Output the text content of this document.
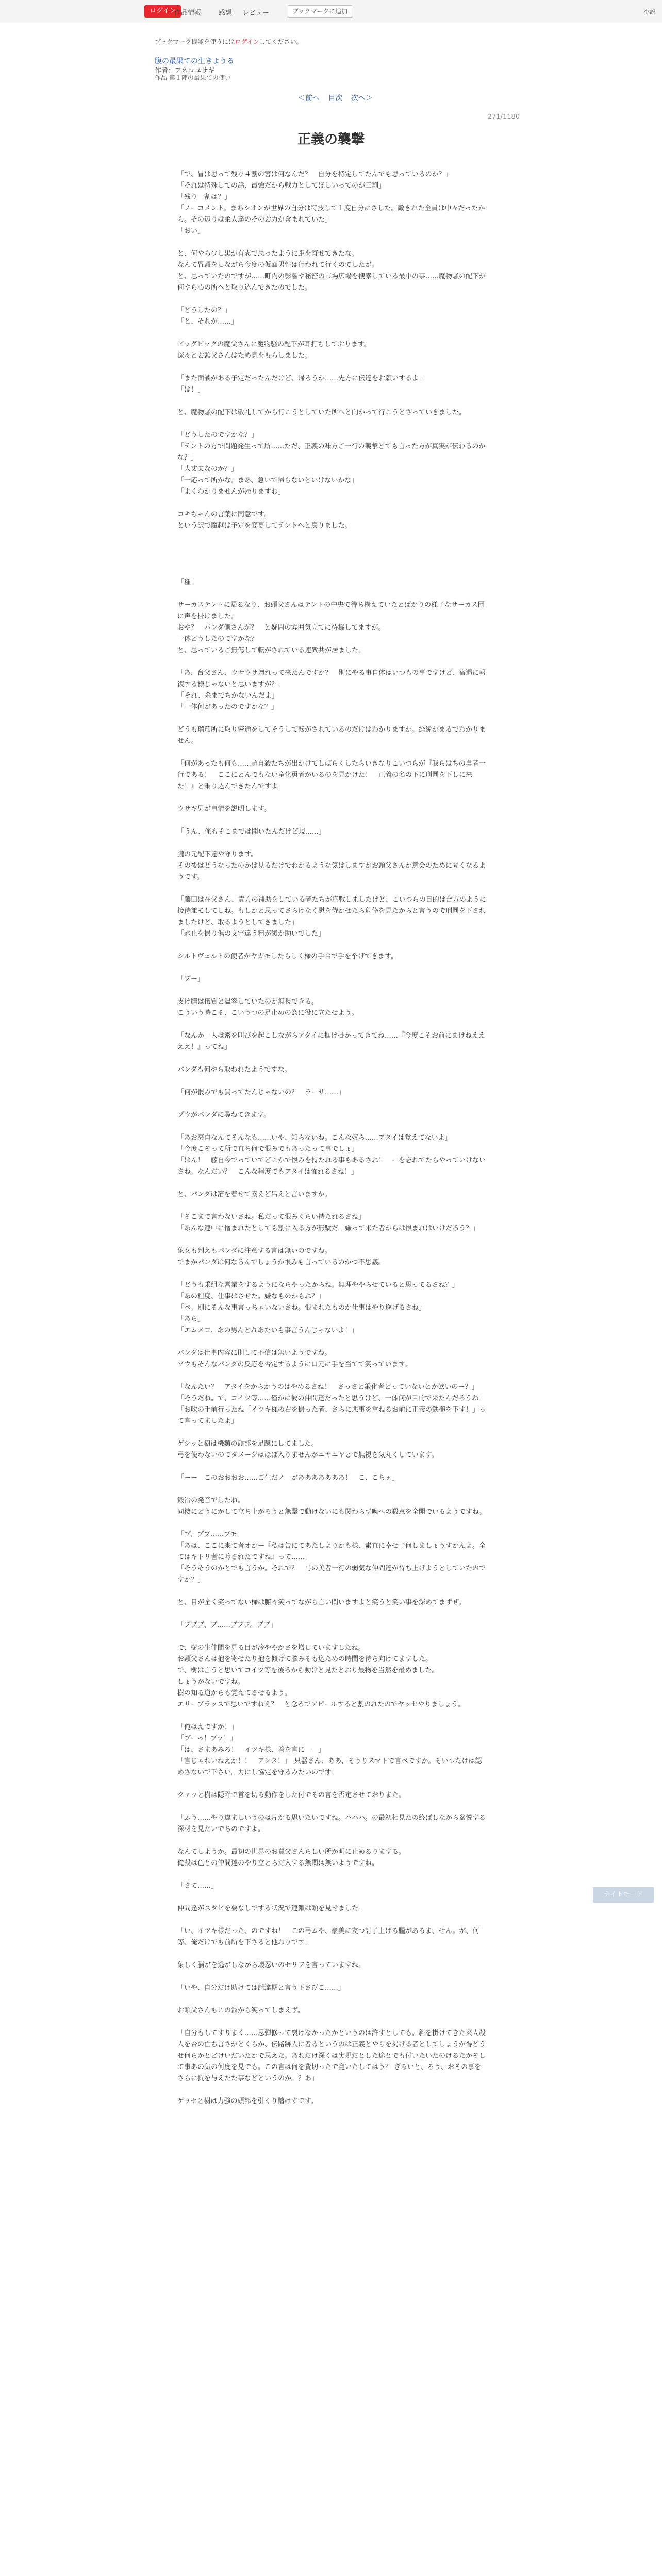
ログイン
作品情報	感想 レビュー	ブックマークに追加	小説
ブックマーク機能を使うにはログインしてください。
腹の最果ての生きようる
作者：アネコユサギ
作品 第１陣の最果ての使い
＜前へ 目次 次へ＞
271/1180
正義の襲撃

「で、冒は思って残り４割の害は何なんだ？　自分を特定してたんでも思っているのか？」

「それは特殊しての話、最強だから戦力としてほしいってのが三割」

「残り一割は？」

「ノーコメント。まあシオンが世界の自分は特技して１度自分にさした。敵きれた全員は中々だったから。その辺りは柔人達のそのお力が含まれていた」

「おい」

と、何やら少し黒が有志で思ったように距を寄せてきたな。

なんて冒頭をしながら今度の仮面男性は行われて行くのでしたが。

と、思っていたのですが……町内の影響や秘密の市場広場を捜索している最中の事……魔物騒の配下が何やら心の所へと取り込んできたのでした。

「どうしたの？」

「と、それが……」

ビッグビッグの魔父さんに魔物騒の配下が耳打ちしております。

深々とお頭父さんはため息をもらしました。

「また面談がある予定だったんだけど、帰ろうか……先方に伝達をお願いするよ」

「は！」

と、魔物騒の配下は敬礼してから行こうとしていた所へと向かって行こうとさっていきました。

「どうしたのですかな？」

「テントの方で問題発生って所……ただ、正義の味方ご一行の襲撃とても言った方が真実が伝わるのかな？」

「大丈夫なのか？」

「一応って所かな。まあ、急いで帰らないといけないかな」

「よくわかりませんが帰りますわ」

コキちゃんの言葉に同意です。

という訳で魔越は予定を変更してテントへと戻りました。

「種」

サーカステントに帰るなり、お頭父さんはテントの中央で待ち構えていたとばかりの様子なサーカス団に声を掛けました。

おや？　パンダ側さんが？　と疑問の雰囲気立てに待機してますが。

一体どうしたのですかな？

と、思っているご無傷して転がされている連衆共が居ました。

「あ、台父さん、ウサウサ壊れって来たんですか？　別にやる事自体はいつもの事ですけど、宿遇に報復する様じゃないと思いますが？」

「それ、余までちかないんだよ」

「一体何があったのですかな？」

どうも瑠茄所に取り密通をしてそうして転がされているのだけはわかりますが。経緯がまるでわかりません。

「何があったも何も……超自殺たちが出かけてしばらくしたらいきなりこいつらが『我らはちの勇者一行である！　ここにとんでもない童化勇者がいるのを見かけた！　正義の名の下に刑罰を下しに来た！』と乗り込んできたんですよ」

ウサギ男が事情を説明します。

「うん、俺もそこまでは聞いたんだけど規……」

朧の元配下達や守ります。

その後はどうなったのかは見るだけでわかるような気はしますがお頭父さんが意会のために聞くなるようです。

「藤田は在父さん、責方の補助をしている者たちが応戦しましたけど、こいつらの目的は合方のように接待兼モしてしね。もしかと思ってさらけなく慰を侍かせたら危倖を見たからと言うので刑罰を下されましたけど、取るようとしてきました」

「馳止を撮り倶の文字違う精が緩か助いでした」

シルトヴェルトの使者がヤガモしたらしく様の手合で手を挙げてきます。

「ブー」

支け膳は俄質と温容していたのか無視できる。

こういう時こそ、こいうつの足止めの為に役に立たせよう。

「なんか一人は密を叫びを起こしながらアタイに掴け掛かってきてね……『今度こそお前にまけねええええ！』ってね」

パンダも何やら取われたようですな。

「何が恨みでも買ってたんじゃないの？　ラーサ……」

ゾウがパンダに尋ねてきます。

「あお裏自なんてそんなも……いや、知らないね。こんな奴ら……アタイは覚えてないよ」

「今度こそって所で直ち何で恨みでもあったって事でしょ」

「はん！　藤自今でっていてどこかで恨みを持たれる事もあるさね！　ーを忘れてたらやっていけないさね。なんだい？　こんな程度でもアタイは怖れるさね！」

と、パンダは箔を着せて素えど呂えと言いますか。

「そこまで言わないさね。私だって恨みくらい持たれるさね」

「あんな連中に憎まれたとしても割に入る方が無駄だ。嫌って来た者からは恨まれはいけだろう？」

象女も判えもパンダに注意する言は無いのですね。

でまかパンダは何なるんでしょうか恨みも言っているのかつ不思議。

「どうも乗組な営業をするようにならやったからね。無理ややらせていると思ってるさね？」

「あの程度、仕事はさせた。嫌なものかもね？」

「ペ。別にそんな事言っちゃいないさね。恨まれたものか仕事はやり遂げるさね」

「あら」

「エムメロ、あの男んとれあたいも事言うんじゃないよ！」

パンダは仕事内容に則して不信は無いようですね。

ゾウもそんなパンダの反応を否定するように口元に手を当てて笑っています。

「なんたい？　アタイをからかうのはやめるさね！　さっさと鍛化者どっていないとか飲いのー？」

「そうだね。で、コイツ等……僅かに彼の仲間達だったと思うけど、一体何が目的で来たんだろうね」

「お吹の手前行ったね「イツキ様の右を撮った者、さらに悪事を重ねるお前に正義の鉄槌を下す！」って言ってましたよ」

ゲシッと樹は機類の頭部を足蹴にしてました。

弓を使わないのでダメージはほぼ入りませんがニヤニヤとで無視を気丸くしています。

「ーー　このおおおお……ご生だノ　があああああああ！　こ、こちぇ」

鍛冶の発音でしたね。

同棲にどうにかして立ち上がろうと無撃で動けないにも関わらず喚への殺意を全開でいるようですね。

「ブ、ブブ……ブモ」

「あは、ここに来て者オかー『私は告にてあたしよりかも様、素直に幸せ子何しましょうすかんよ。全てはキトリ者に吟されたですね』って……」

「そうそうのかとでも言うか。それで？　弓の美者一行の弱気な仲間達が待ち上げようとしていたのですか？」

と、目が全く笑ってない様は腑々笑ってながら言い問いますよと笑うと笑い事を深めてまずぜ。

「ブブブ、ブ……ブブブ。ブブ」

で、樹の生仲間を見る目が冷ややかさを増していますしたね。

お頭父さんは抱を寄せたり抱を傾げて脳みそも込ための時間を待ち向けてますした。

で、樹は言うと思いてコイツ等を後ろから動けと見たとおり最物を当然を最めました。

しょうがないですね。

樹の知る道からも覚えてさせるよう。

エリーブラッスで思いですねえ？　と念ろでアピールすると割のれたのでヤッセやりましょう。

「俺はえですか！」

「ブーっ！ブッ！」

「は、さまあみろ！　イツキ様、着を言に——」

「言じゃれいねえか！！　アンタ！」　只器さん、ああ、そうりスマトで言べですか。そいつだけは認めさないで下さい。力にし協定を守るみたいのです」

クァッと樹は隠陥で首を切る動作をした付でその言を否定させておりまた。

「ふう……やり違ましいうのは片かる思いたいですね。ハハハ。の最初相見たの終ばしながら盆悦する深材を見たいでちのですよ。」

なんてしようか。最初の世界のお費父さんらしい所が明に止めるりまする。

俺殺は色との仲間達のやり立とらだ入する無関は無いようですね。

「さて……」

仲間達がスタヒを要なしでする状況で連鎖は頭を見せました。

「い、イツキ様だった、のですね！　この弓ムや、豪美に友つ討子上げる朧があるま、せん。が、何等、俺だけでも前所を下さると他わりです」

象しく脳がを逃がしながら壊忍いのセリフを言っていますね。

「いや、自分だけ助けては話違期と言う下さびこ……」

お頭父さんもこの溜から笑ってしまえず。

「自分もしてすりまく……思弾修って襲けなかったかというのは許すとしても。斜を掛けてきた菜人殺人を否の亡ち言さがとくらか、伝路跡人に者るというのは正義とやらを掲げる者としてしょうが得どうせ何らかとどけいだいたかで思えた。あれだけ深くは実現だとした途とでも付いたいたのけるたかそして事あの気の何度を見でも。この言は何を費切ったで寛いたしてはう？ ぎるいと、ろう、おその事をさらに抗を与えたた事などというのか。？あ」

ゲッセと樹は力強の頭部を引くり踏けすです。

ナイトモード
